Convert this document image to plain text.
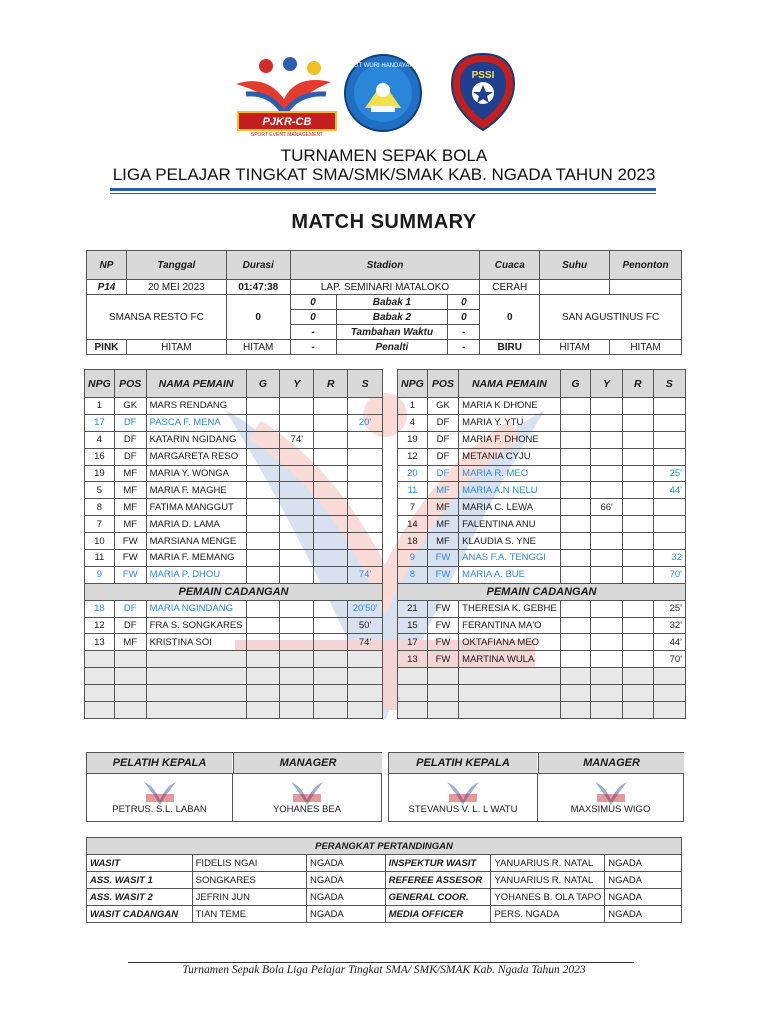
PJKR-CB
SPORT EVENT MANAGEMENT
TUT WURI HANDAYANI
PSSI
TURNAMEN SEPAK BOLA
LIGA PELAJAR TINGKAT SMA/SMK/SMAK KAB. NGADA TAHUN 2023
MATCH SUMMARY
NP	Tanggal	Durasi	Stadion			Cuaca	Suhu	Penonton
P14	20 MEI 2023	01:47:38	LAP. SEMINARI MATALOKO			CERAH		
SMANSA RESTO FC		0	0	Babak 1	0	0	SAN AGUSTINUS FC	
			0	Babak 2	0			
			-	Tambahan Waktu	-			
PINK	HITAM	HITAM	-	Penalti	-	BIRU	HITAM	HITAM
NPG	POS	NAMA PEMAIN	G	Y	R	S
1	GK	MARS RENDANG				
17	DF	PASCA F. MENA				20'
4	DF	KATARIN NGIDANG		74'		
16	DF	MARGARETA RESO				
19	MF	MARIA Y. WONGA				
5	MF	MARIA F. MAGHE				
8	MF	FATIMA MANGGUT				
7	MF	MARIA D. LAMA				
10	FW	MARSIANA MENGE				
11	FW	MARIA F. MEMANG				
9	FW	MARIA P. DHOU				74'
PEMAIN CADANGAN						
18	DF	MARIA NGINDANG				20'50'
12	DF	FRA S. SONGKARES				50'
13	MF	KRISTINA SOI				74'

NPG	POS	NAMA PEMAIN	G	Y	R	S
1	GK	MARIA K DHONE				
4	DF	MARIA Y. YTU				
19	DF	MARIA F. DHONE				
12	DF	METANIA CYJU				
20	DF	MARIA R. MEO				25'
11	MF	MARIA A.N NELU				44'
7	MF	MARIA C. LEWA		66'		
14	MF	FALENTINA ANU				
18	MF	KLAUDIA S. YNE				
9	FW	ANAS F.A. TENGGI				32
8	FW	MARIA A. BUE				70'
PEMAIN CADANGAN						
21	FW	THERESIA K. GEBHE				25'
15	FW	FERANTINA MA'O				32'
17	FW	OKTAFIANA MEO				44'
13	FW	MARTINA WULA				70'

PELATIH KEPALA	MANAGER
PETRUS. S.L. LABAN	YOHANES BEA
PELATIH KEPALA	MANAGER
STEVANUS V. L. L WATU	MAXSIMUS WIGO
PERANGKAT PERTANDINGAN					
WASIT	FIDELIS NGAI	NGADA	INSPEKTUR WASIT	YANUARIUS R. NATAL	NGADA
ASS. WASIT 1	SONGKARES	NGADA	REFEREE ASSESOR	YANUARIUS R. NATAL	NGADA
ASS. WASIT 2	JEFRIN JUN	NGADA	GENERAL COOR.	YOHANES B. OLA TAPO	NGADA
WASIT CADANGAN	TIAN TEME	NGADA	MEDIA OFFICER	PERS. NGADA	NGADA
Turnamen Sepak Bola Liga Pelajar Tingkat SMA/ SMK/SMAK Kab. Ngada Tahun 2023
